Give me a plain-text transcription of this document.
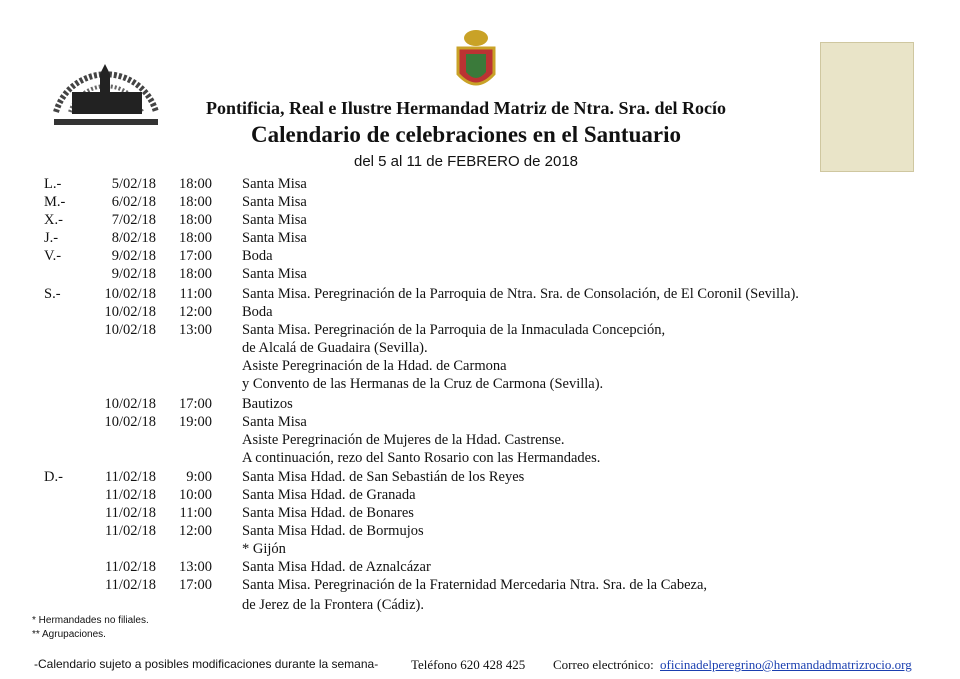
Pontificia, Real e Ilustre Hermandad Matriz de Ntra. Sra. del Rocío
Calendario de celebraciones en el Santuario
del 5 al 11 de FEBRERO de 2018
L.-	5/02/18	18:00 Santa Misa
M.-	6/02/18	18:00 Santa Misa
X.-	7/02/18	18:00 Santa Misa
J.-	8/02/18	18:00 Santa Misa
V.-	9/02/18	17:00 Boda
9/02/18	18:00 Santa Misa
S.-	10/02/18	11:00 Santa Misa. Peregrinación de la Parroquia de Ntra. Sra. de Consolación, de El Coronil (Sevilla).
10/02/18	12:00 Boda
10/02/18	13:00 Santa Misa. Peregrinación de la Parroquia de la Inmaculada Concepción,
de Alcalá de Guadaira (Sevilla).
Asiste Peregrinación de la Hdad. de Carmona
y Convento de las Hermanas de la Cruz de Carmona (Sevilla).
10/02/18	17:00 Bautizos
10/02/18	19:00 Santa Misa
Asiste Peregrinación de Mujeres de la Hdad. Castrense.
A continuación, rezo del Santo Rosario con las Hermandades.
D.-	11/02/18	9:00 Santa Misa Hdad. de San Sebastián de los Reyes
11/02/18	10:00 Santa Misa Hdad. de Granada
11/02/18	11:00 Santa Misa Hdad. de Bonares
11/02/18	12:00 Santa Misa Hdad. de Bormujos
* Gijón
11/02/18	13:00 Santa Misa Hdad. de Aznalcázar
11/02/18	17:00 Santa Misa. Peregrinación de la Fraternidad Mercedaria Ntra. Sra. de la Cabeza,
de Jerez de la Frontera (Cádiz).
* Hermandades no filiales.
** Agrupaciones.
-Calendario sujeto a posibles modificaciones durante la semana-	Teléfono 620 428 425 Correo electrónico: oficinadelperegrino@hermandadmatrizrocio.org
